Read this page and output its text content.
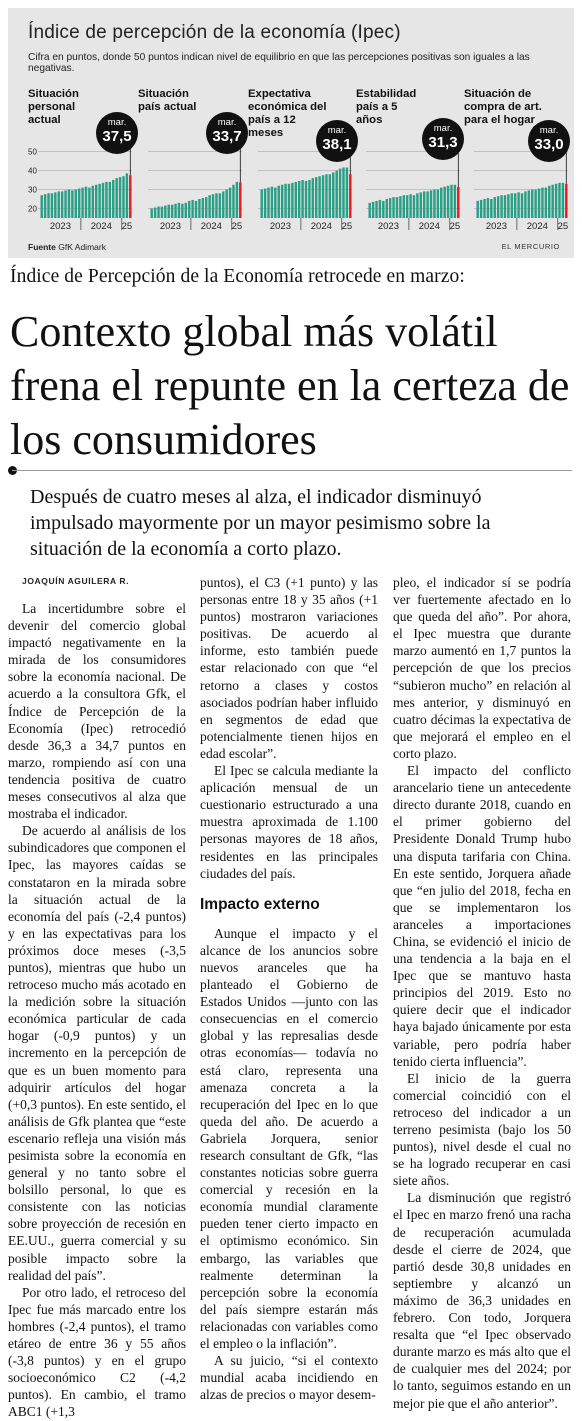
Índice de percepción de la economía (Ipec)
Cifra en puntos, donde 50 puntos indican nivel de equilibrio en que las percepciones positivas son iguales a las negativas.
Situación personal actual
20
30
40
50
2023 2024 25
mar.
37,5
Situación país actual
2023 2024 25
mar.
33,7
Expectativa económica del país a 12 meses
2023 2024 25
mar.
38,1
Estabilidad país a 5 años
2023 2024 25
mar.
31,3
Situación de compra de art. para el hogar
2023 2024 25
mar.
33,0
Fuente GfK Adimark	EL MERCURIO
Índice de Percepción de la Economía retrocede en marzo:
Contexto global más volátil frena el repunte en la certeza de los consumidores
Después de cuatro meses al alza, el indicador disminuyó impulsado mayormente por un mayor pesimismo sobre la situación de la economía a corto plazo.
JOAQUÍN AGUILERA R.

La incertidumbre sobre el devenir del comercio global impactó negativamente en la mirada de los consumidores sobre la economía nacional. De acuerdo a la consultora Gfk, el Índice de Percepción de la Economía (Ipec) retrocedió desde 36,3 a 34,7 puntos en marzo, rompiendo así con una tendencia positiva de cuatro meses consecutivos al alza que mostraba el indicador.

De acuerdo al análisis de los subindicadores que componen el Ipec, las mayores caídas se constataron en la mirada sobre la situación actual de la economía del país (-2,4 puntos) y en las expectativas para los próximos doce meses (-3,5 puntos), mientras que hubo un retroceso mucho más acotado en la medición sobre la situación económica particular de cada hogar (-0,9 puntos) y un incremento en la percepción de que es un buen momento para adquirir artículos del hogar (+0,3 puntos). En este sentido, el análisis de Gfk plantea que “este escenario refleja una visión más pesimista sobre la economía en general y no tanto sobre el bolsillo personal, lo que es consistente con las noticias sobre proyección de recesión en EE.UU., guerra comercial y su posible impacto sobre la realidad del país”.

Por otro lado, el retroceso del Ipec fue más marcado entre los hombres (-2,4 puntos), el tramo etáreo de entre 36 y 55 años (-3,8 puntos) y en el grupo socioeconómico C2 (-4,2 puntos). En cambio, el tramo ABC1 (+1,3

puntos), el C3 (+1 punto) y las personas entre 18 y 35 años (+1 puntos) mostraron variaciones positivas. De acuerdo al informe, esto también puede estar relacionado con que “el retorno a clases y costos asociados podrían haber influido en segmentos de edad que potencialmente tienen hijos en edad escolar”.

El Ipec se calcula mediante la aplicación mensual de un cuestionario estructurado a una muestra aproximada de 1.100 personas mayores de 18 años, residentes en las principales ciudades del país.

Impacto externo

Aunque el impacto y el alcance de los anuncios sobre nuevos aranceles que ha planteado el Gobierno de Estados Unidos —junto con las consecuencias en el comercio global y las represalias desde otras economías— todavía no está claro, representa una amenaza concreta a la recuperación del Ipec en lo que queda del año. De acuerdo a Gabriela Jorquera, senior research consultant de Gfk, “las constantes noticias sobre guerra comercial y recesión en la economía mundial claramente pueden tener cierto impacto en el optimismo económico. Sin embargo, las variables que realmente determinan la percepción sobre la economía del país siempre estarán más relacionadas con variables como el empleo o la inflación”.

A su juicio, “si el contexto mundial acaba incidiendo en alzas de precios o mayor desem-

pleo, el indicador sí se podría ver fuertemente afectado en lo que queda del año”. Por ahora, el Ipec muestra que durante marzo aumentó en 1,7 puntos la percepción de que los precios “subieron mucho” en relación al mes anterior, y disminuyó en cuatro décimas la expectativa de que mejorará el empleo en el corto plazo.

El impacto del conflicto arancelario tiene un antecedente directo durante 2018, cuando en el primer gobierno del Presidente Donald Trump hubo una disputa tarifaria con China. En este sentido, Jorquera añade que “en julio del 2018, fecha en que se implementaron los aranceles a importaciones China, se evidenció el inicio de una tendencia a la baja en el Ipec que se mantuvo hasta principios del 2019. Esto no quiere decir que el indicador haya bajado únicamente por esta variable, pero podría haber tenido cierta influencia”.

El inicio de la guerra comercial coincidió con el retroceso del indicador a un terreno pesimista (bajo los 50 puntos), nivel desde el cual no se ha logrado recuperar en casi siete años.

La disminución que registró el Ipec en marzo frenó una racha de recuperación acumulada desde el cierre de 2024, que partió desde 30,8 unidades en septiembre y alcanzó un máximo de 36,3 unidades en febrero. Con todo, Jorquera resalta que “el Ipec observado durante marzo es más alto que el de cualquier mes del 2024; por lo tanto, seguimos estando en un mejor pie que el año anterior”.
